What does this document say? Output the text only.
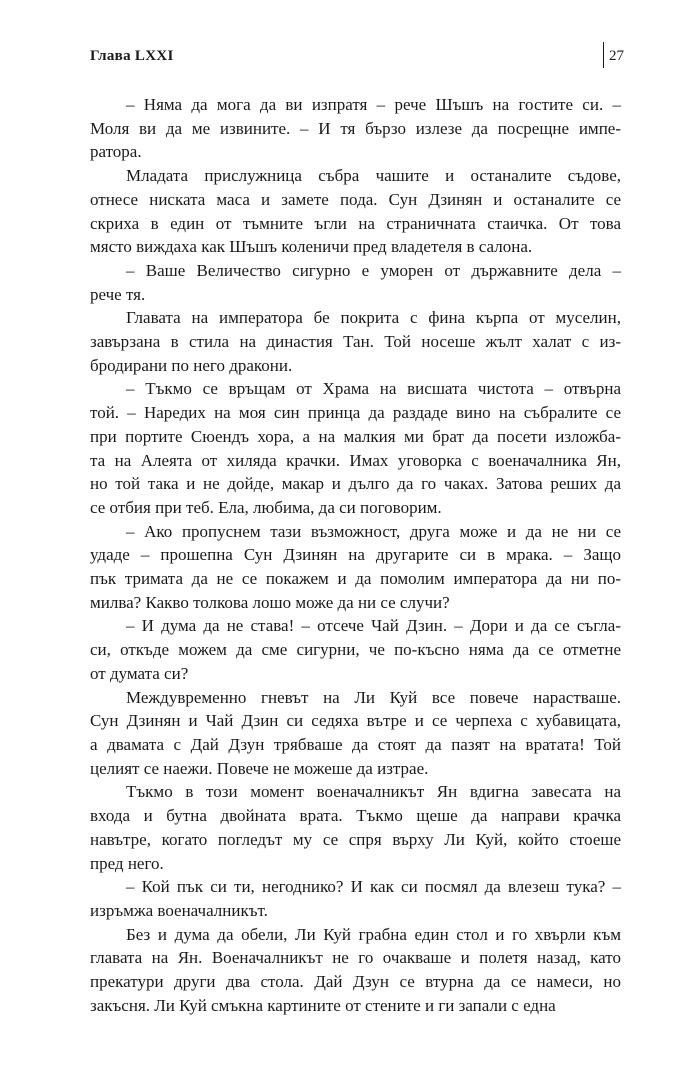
Глава LXXI	27

– Няма да мога да ви изпратя – рече Шъшъ на гостите си. –
Моля ви да ме извините. – И тя бързо излезе да посрещне импе-
ратора.

Младата прислужница събра чашите и останалите съдове,
отнесе ниската маса и замете пода. Сун Дзинян и останалите се
скриха в един от тъмните ъгли на страничната стаичка. От това
място виждаха как Шъшъ коленичи пред владетеля в салона.

– Ваше Величество сигурно е уморен от държавните дела –
рече тя.

Главата на императора бе покрита с фина кърпа от муселин,
завързана в стила на династия Тан. Той носеше жълт халат с из-
бродирани по него дракони.

– Тъкмо се връщам от Храма на висшата чистота – отвърна
той. – Наредих на моя син принца да раздаде вино на събралите се
при портите Сюендъ хора, а на малкия ми брат да посети изложба-
та на Алеята от хиляда крачки. Имах уговорка с военачалника Ян,
но той така и не дойде, макар и дълго да го чаках. Затова реших да
се отбия при теб. Ела, любима, да си поговорим.

– Ако пропуснем тази възможност, друга може и да не ни се
удаде – прошепна Сун Дзинян на другарите си в мрака. – Защо
пък тримата да не се покажем и да помолим императора да ни по-
милва? Какво толкова лошо може да ни се случи?

– И дума да не става! – отсече Чай Дзин. – Дори и да се съгла-
си, откъде можем да сме сигурни, че по-късно няма да се отметне
от думата си?

Междувременно гневът на Ли Куй все повече нарастваше.
Сун Дзинян и Чай Дзин си седяха вътре и се черпеха с хубавицата,
а двамата с Дай Дзун трябваше да стоят да пазят на вратата! Той
целият се наежи. Повече не можеше да изтрае.

Тъкмо в този момент военачалникът Ян вдигна завесата на
входа и бутна двойната врата. Тъкмо щеше да направи крачка
навътре, когато погледът му се спря върху Ли Куй, който стоеше
пред него.

– Кой пък си ти, негоднико? И как си посмял да влезеш тука? –
изръмжа военачалникът.

Без и дума да обели, Ли Куй грабна един стол и го хвърли към
главата на Ян. Военачалникът не го очакваше и полетя назад, като
прекатури други два стола. Дай Дзун се втурна да се намеси, но
закъсня. Ли Куй смъкна картините от стените и ги запали с една
